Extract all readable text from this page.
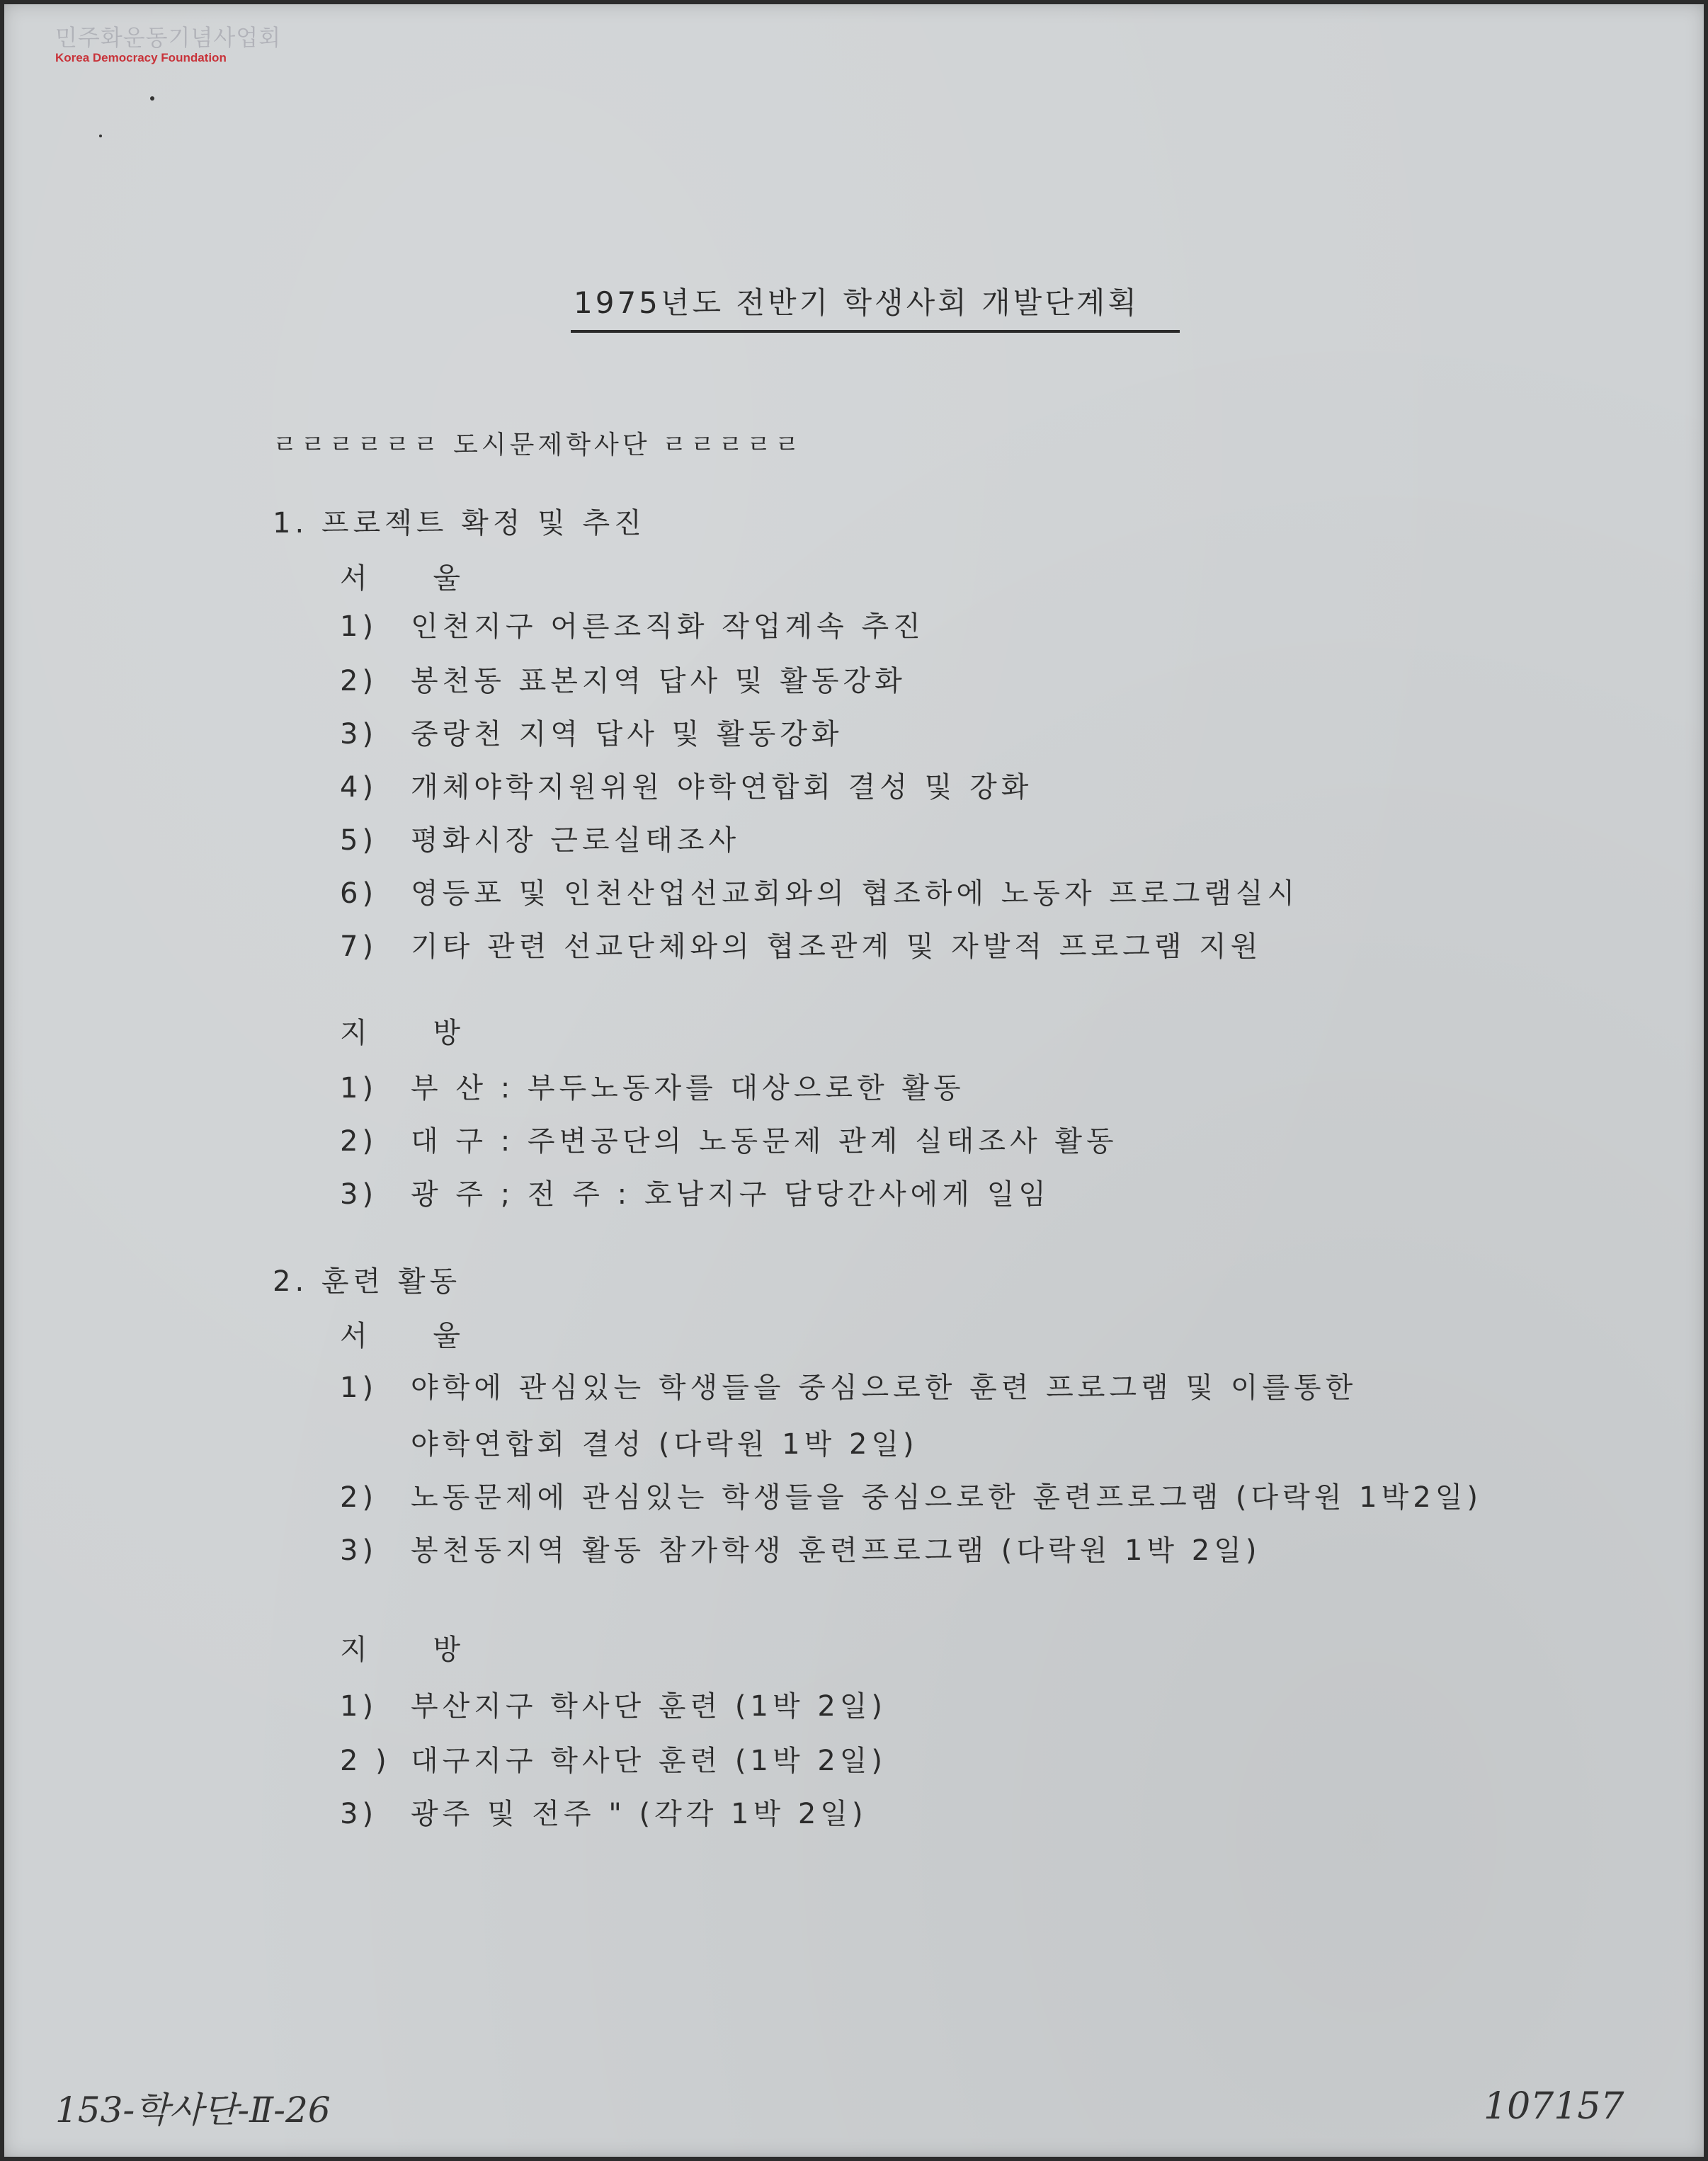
민주화운동기념사업회
Korea Democracy Foundation
1975년도 전반기 학생사회 개발단계획
ㄹㄹㄹㄹㄹㄹ 도시문제학사단 ㄹㄹㄹㄹㄹ
1. 프로젝트 확정 및 추진
서 울
1) 인천지구 어른조직화 작업계속 추진
2) 봉천동 표본지역 답사 및 활동강화
3) 중랑천 지역 답사 및 활동강화
4) 개체야학지원위원 야학연합회 결성 및 강화
5) 평화시장 근로실태조사
6) 영등포 및 인천산업선교회와의 협조하에 노동자 프로그램실시
7) 기타 관련 선교단체와의 협조관계 및 자발적 프로그램 지원
지 방
1) 부 산 : 부두노동자를 대상으로한 활동
2) 대 구 : 주변공단의 노동문제 관계 실태조사 활동
3) 광 주 ; 전 주 : 호남지구 담당간사에게 일임
2. 훈련 활동
서 울
1) 야학에 관심있는 학생들을 중심으로한 훈련 프로그램 및 이를통한
야학연합회 결성 (다락원 1박 2일)
2) 노동문제에 관심있는 학생들을 중심으로한 훈련프로그램 (다락원 1박2일)
3) 봉천동지역 활동 참가학생 훈련프로그램 (다락원 1박 2일)
지 방
1) 부산지구 학사단 훈련 (1박 2일)
2 ) 대구지구 학사단 훈련 (1박 2일)
3) 광주 및 전주 " (각각 1박 2일)
153-학사단-Ⅱ-26	107157
